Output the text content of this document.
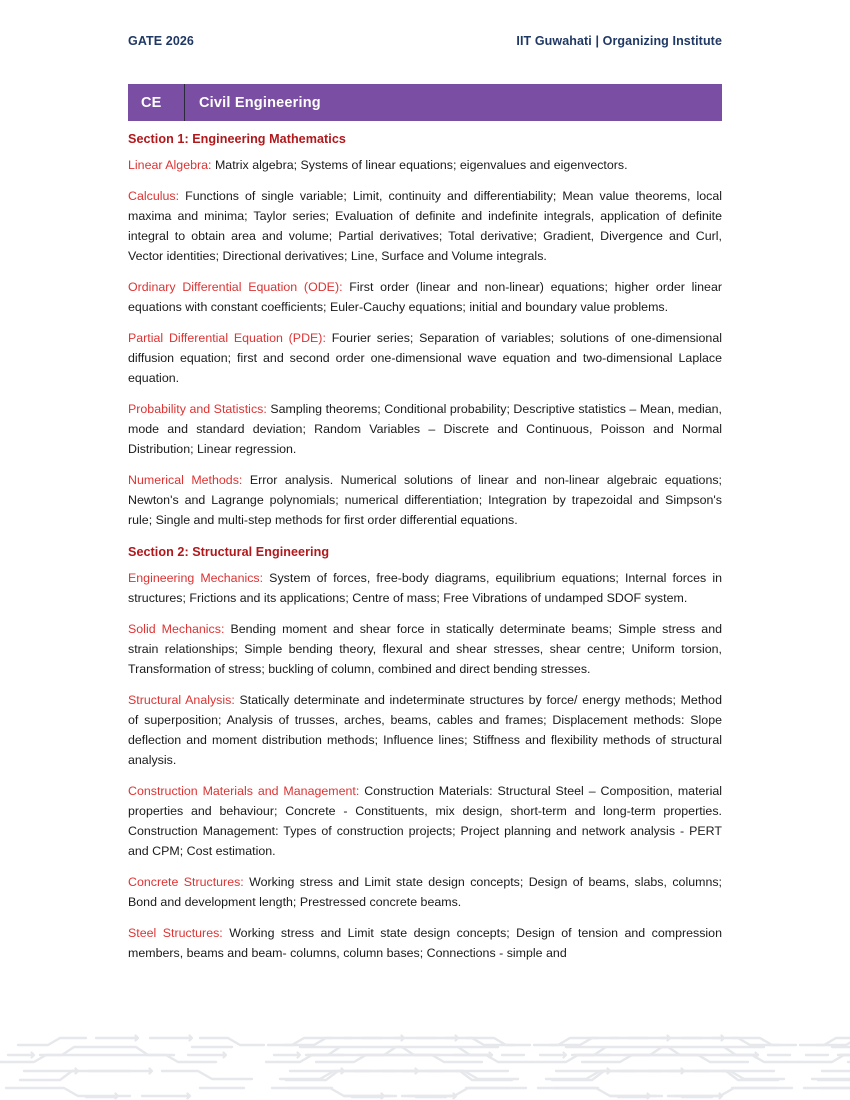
GATE 2026	IIT Guwahati | Organizing Institute
CE	Civil Engineering
Section 1: Engineering Mathematics

Linear Algebra: Matrix algebra; Systems of linear equations; eigenvalues and eigenvectors.

Calculus: Functions of single variable; Limit, continuity and differentiability; Mean value theorems, local maxima and minima; Taylor series; Evaluation of definite and indefinite integrals, application of definite integral to obtain area and volume; Partial derivatives; Total derivative; Gradient, Divergence and Curl, Vector identities; Directional derivatives; Line, Surface and Volume integrals.

Ordinary Differential Equation (ODE): First order (linear and non-linear) equations; higher order linear equations with constant coefficients; Euler-Cauchy equations; initial and boundary value problems.

Partial Differential Equation (PDE): Fourier series; Separation of variables; solutions of one-dimensional diffusion equation; first and second order one-dimensional wave equation and two-dimensional Laplace equation.

Probability and Statistics: Sampling theorems; Conditional probability; Descriptive statistics – Mean, median, mode and standard deviation; Random Variables – Discrete and Continuous, Poisson and Normal Distribution; Linear regression.

Numerical Methods: Error analysis. Numerical solutions of linear and non-linear algebraic equations; Newton's and Lagrange polynomials; numerical differentiation; Integration by trapezoidal and Simpson's rule; Single and multi-step methods for first order differential equations.

Section 2: Structural Engineering

Engineering Mechanics: System of forces, free-body diagrams, equilibrium equations; Internal forces in structures; Frictions and its applications; Centre of mass; Free Vibrations of undamped SDOF system.

Solid Mechanics: Bending moment and shear force in statically determinate beams; Simple stress and strain relationships; Simple bending theory, flexural and shear stresses, shear centre; Uniform torsion, Transformation of stress; buckling of column, combined and direct bending stresses.

Structural Analysis: Statically determinate and indeterminate structures by force/ energy methods; Method of superposition; Analysis of trusses, arches, beams, cables and frames; Displacement methods: Slope deflection and moment distribution methods; Influence lines; Stiffness and flexibility methods of structural analysis.

Construction Materials and Management: Construction Materials: Structural Steel – Composition, material properties and behaviour; Concrete - Constituents, mix design, short-term and long-term properties. Construction Management: Types of construction projects; Project planning and network analysis - PERT and CPM; Cost estimation.

Concrete Structures: Working stress and Limit state design concepts; Design of beams, slabs, columns; Bond and development length; Prestressed concrete beams.

Steel Structures: Working stress and Limit state design concepts; Design of tension and compression members, beams and beam- columns, column bases; Connections - simple and
